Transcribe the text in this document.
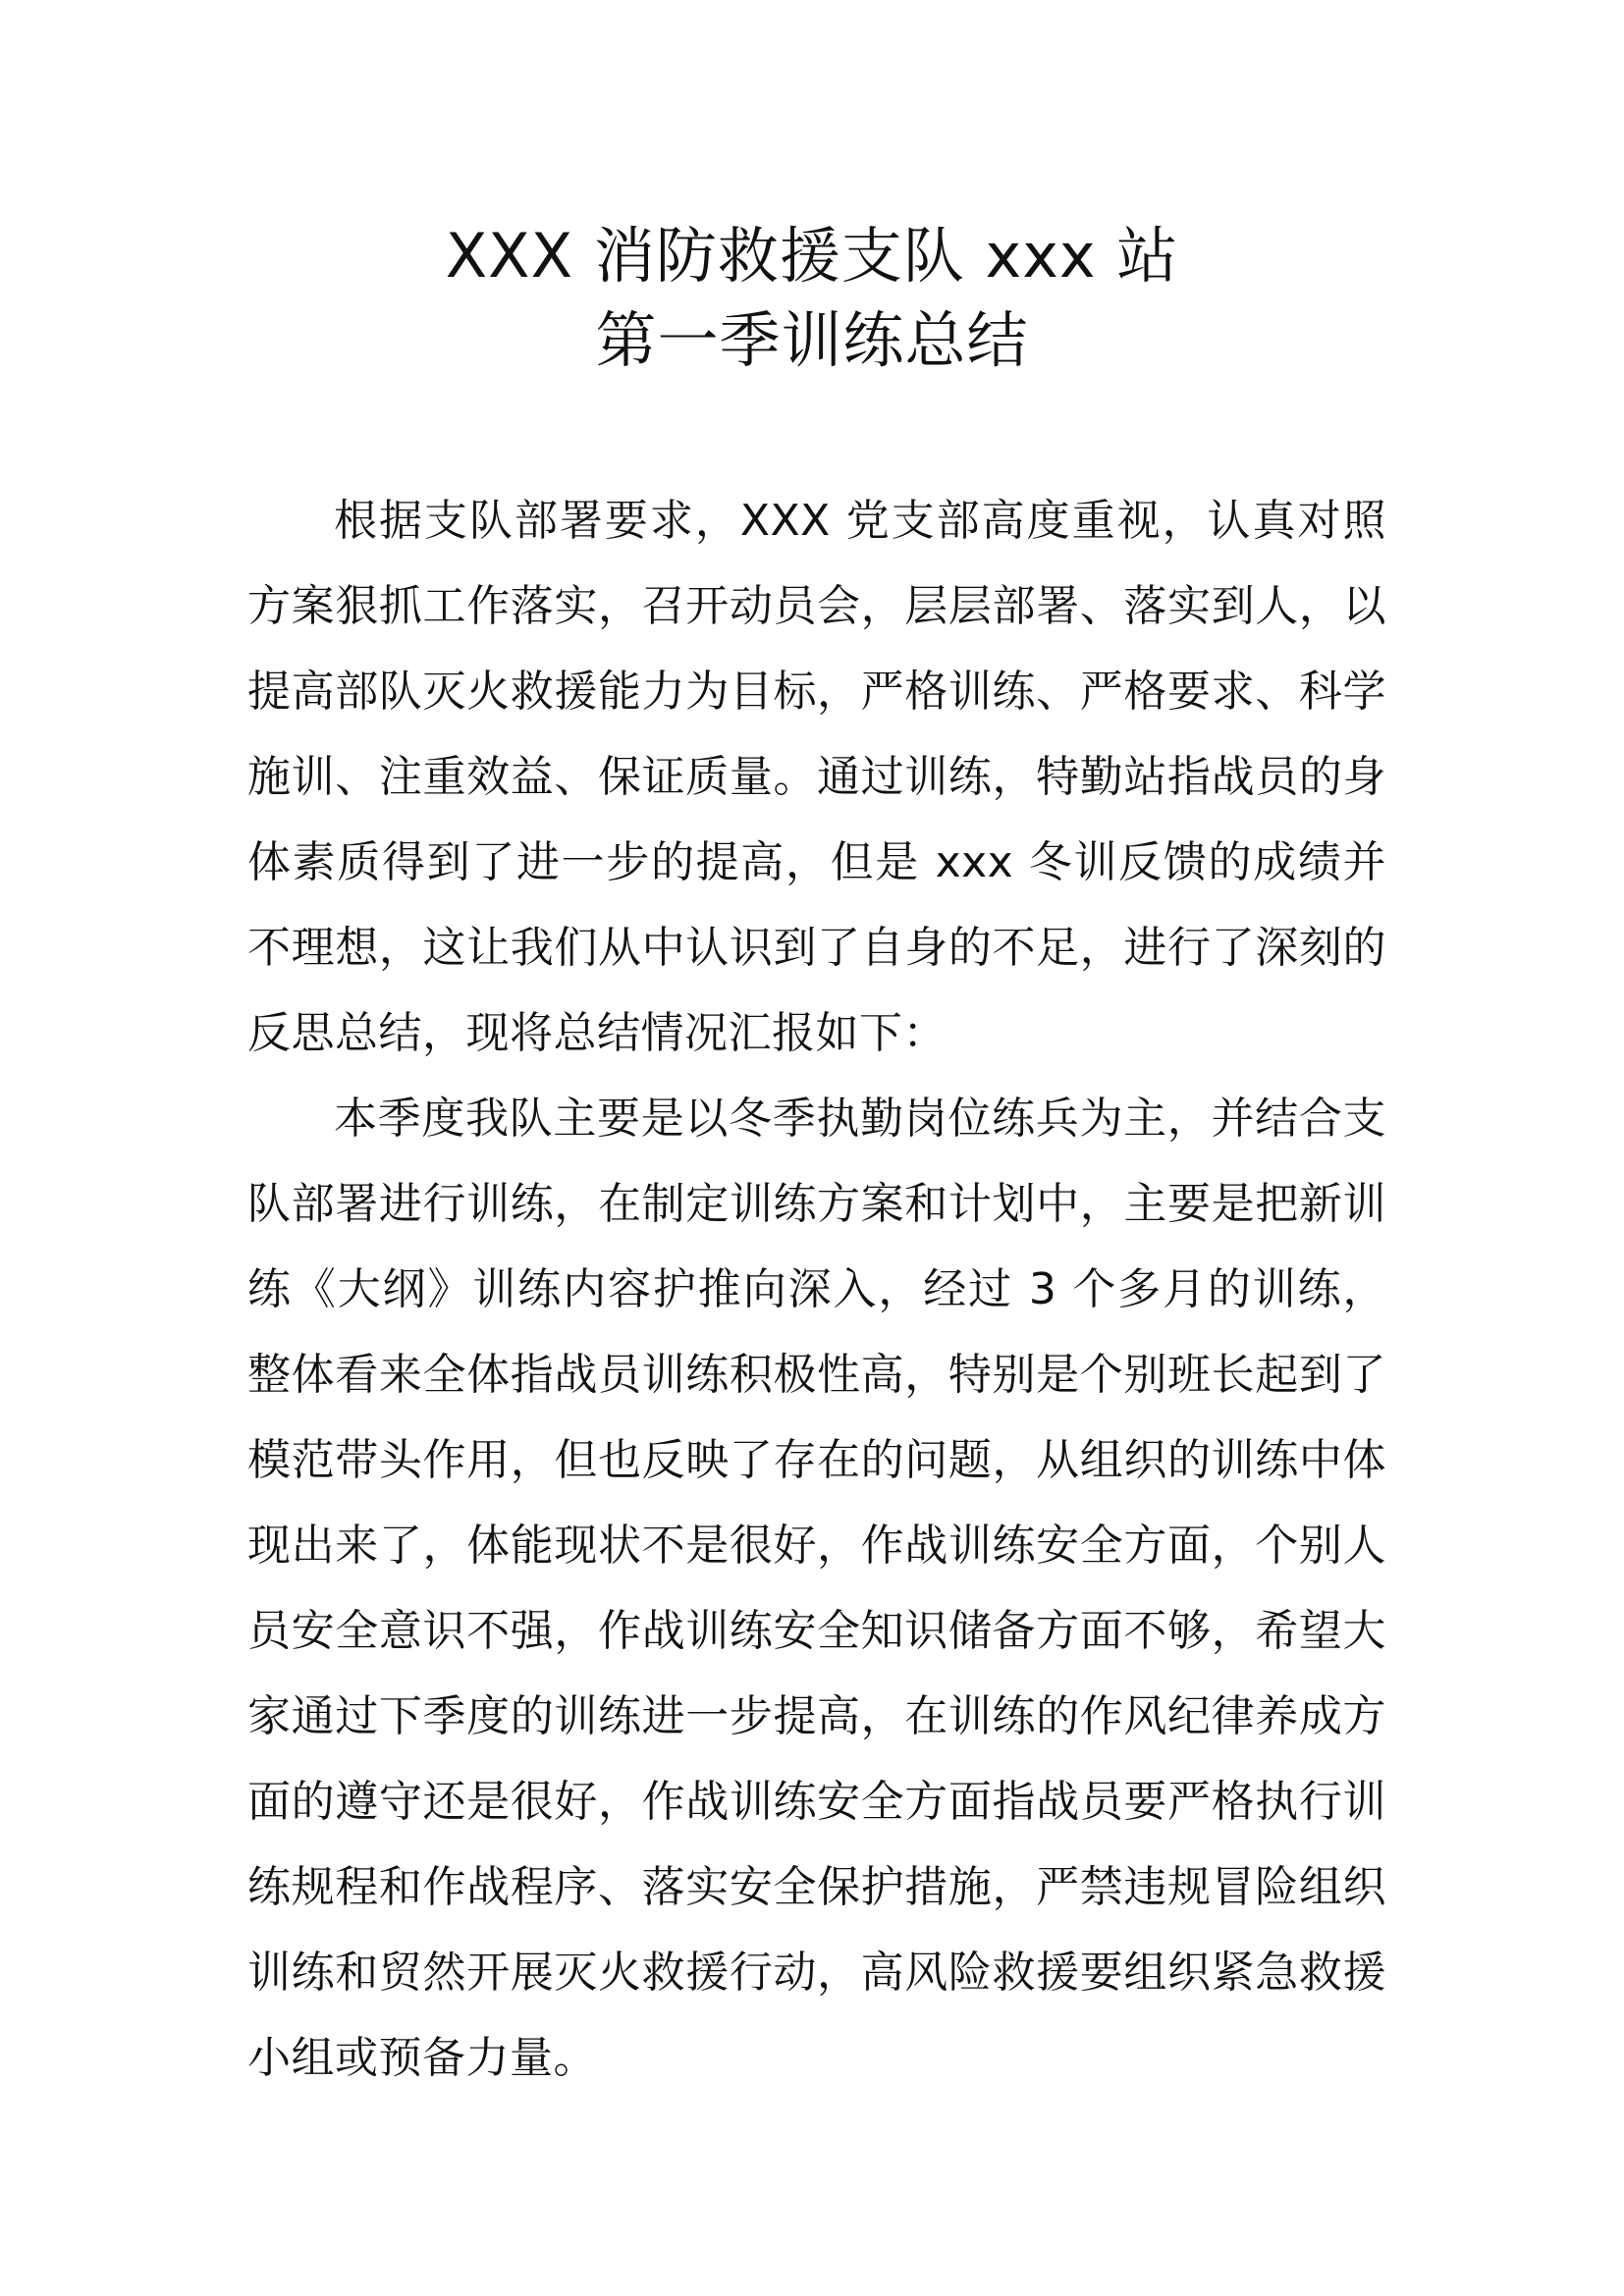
XXX 消防救援支队 xxx 站
第一季训练总结

根据支队部署要求，XXX 党支部高度重视，认真对照方案狠抓工作落实，召开动员会，层层部署、落实到人，以提高部队灭火救援能力为目标，严格训练、严格要求、科学施训、注重效益、保证质量。通过训练，特勤站指战员的身体素质得到了进一步的提高，但是 xxx 冬训反馈的成绩并不理想，这让我们从中认识到了自身的不足，进行了深刻的反思总结，现将总结情况汇报如下：

本季度我队主要是以冬季执勤岗位练兵为主，并结合支队部署进行训练，在制定训练方案和计划中，主要是把新训练《大纲》训练内容护推向深入，经过 3 个多月的训练，整体看来全体指战员训练积极性高，特别是个别班长起到了模范带头作用，但也反映了存在的问题，从组织的训练中体现出来了，体能现状不是很好，作战训练安全方面，个别人员安全意识不强，作战训练安全知识储备方面不够，希望大家通过下季度的训练进一步提高，在训练的作风纪律养成方面的遵守还是很好，作战训练安全方面指战员要严格执行训练规程和作战程序、落实安全保护措施，严禁违规冒险组织训练和贸然开展灭火救援行动，高风险救援要组织紧急救援小组或预备力量。
